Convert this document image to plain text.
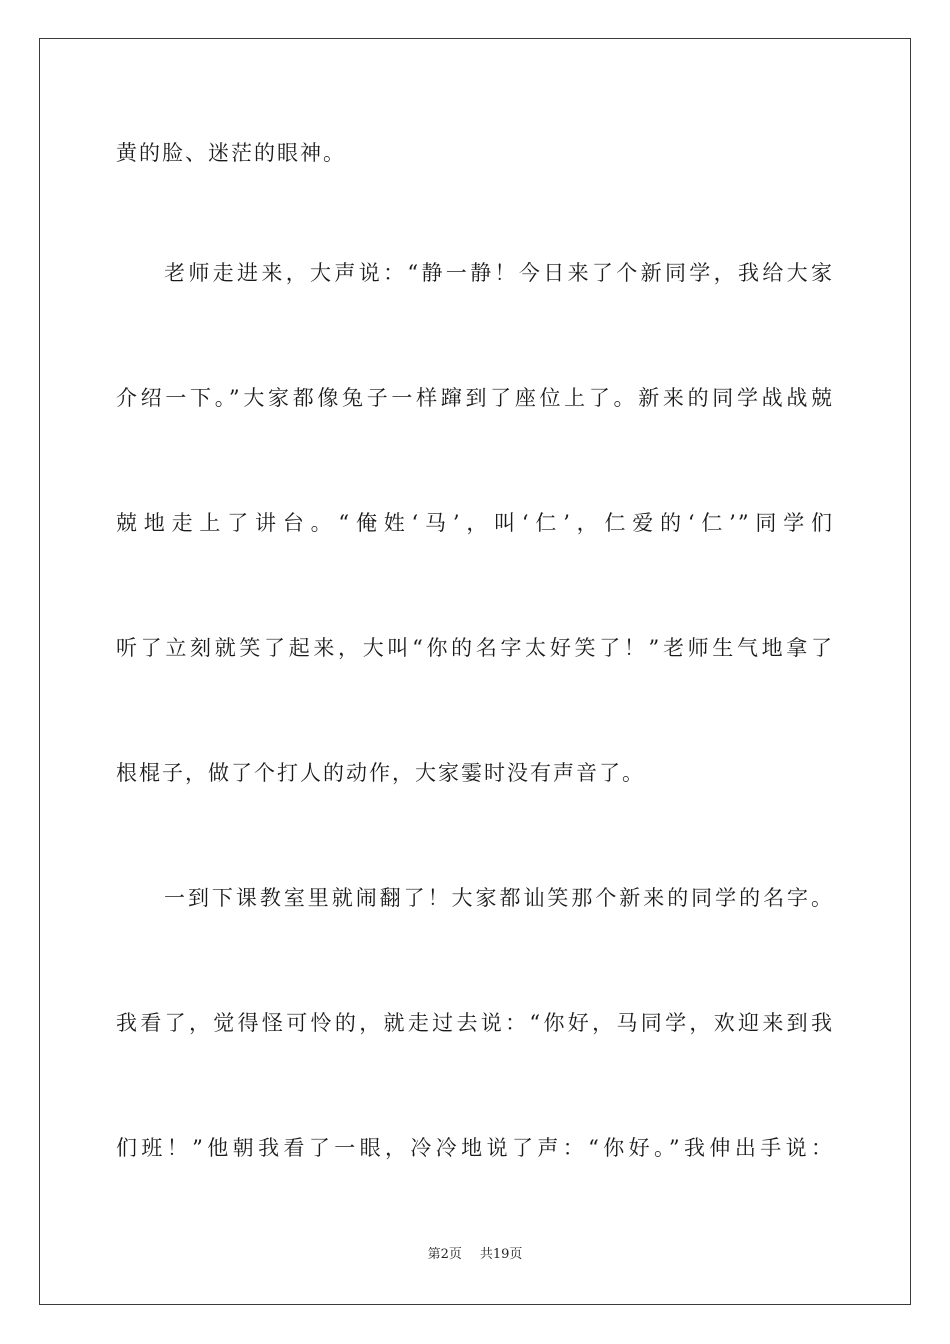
黄的脸、迷茫的眼神。
老师走进来，大声说：“静一静！今日来了个新同学，我给大家
介绍一下。”大家都像兔子一样蹿到了座位上了。新来的同学战战兢
兢地走上了讲台。“俺姓‘马’，叫‘仁’，仁爱的‘仁’”同学们
听了立刻就笑了起来，大叫“你的名字太好笑了！”老师生气地拿了
根棍子，做了个打人的动作，大家霎时没有声音了。
一到下课教室里就闹翻了！大家都讪笑那个新来的同学的名字。
我看了，觉得怪可怜的，就走过去说：“你好，马同学，欢迎来到我
们班！”他朝我看了一眼，冷冷地说了声：“你好。”我伸出手说：
第2页 共19页
